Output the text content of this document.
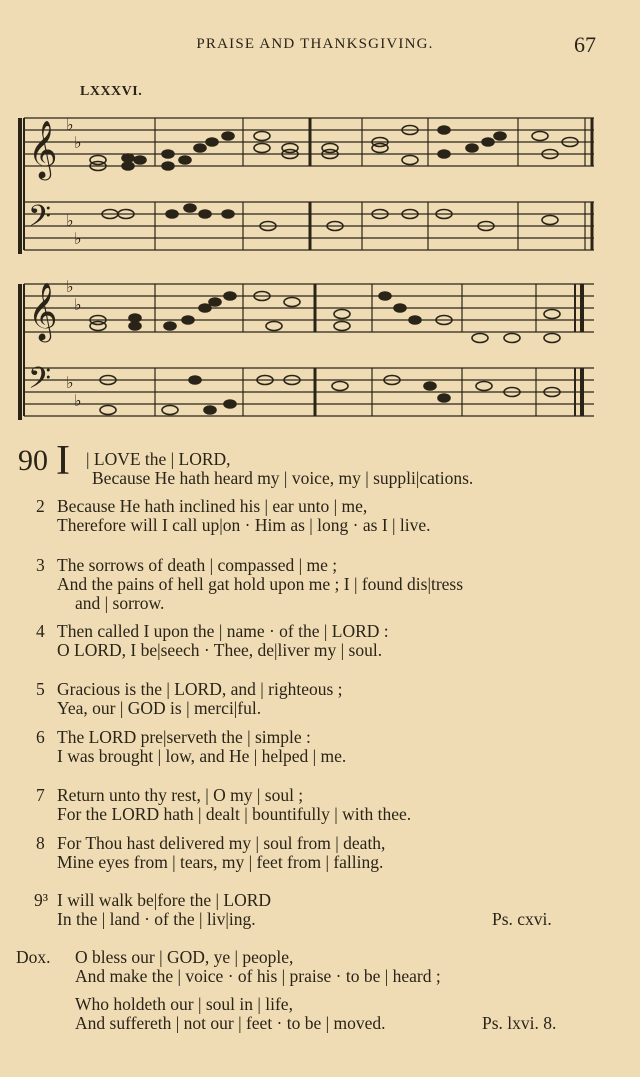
PRAISE AND THANKSGIVING.	67
LXXXVI.
𝄞
𝄢
𝄢
𝄞
♭
♭
♭
♭
♭
♭
♭
♭
90 I | LOVE the | LORD,
Because He hath heard my | voice, my | suppli|cations.
2 Because He hath inclined his | ear unto | me,
Therefore will I call up|on · Him as | long · as I | live.
3 The sorrows of death | compassed | me ;
And the pains of hell gat hold upon me ; I | found dis|tress
and | sorrow.
4 Then called I upon the | name · of the | LORD :
O LORD, I be|seech · Thee, de|liver my | soul.
5 Gracious is the | LORD, and | righteous ;
Yea, our | GOD is | merci|ful.
6 The LORD pre|serveth the | simple :
I was brought | low, and He | helped | me.
7 Return unto thy rest, | O my | soul ;
For the LORD hath | dealt | bountifully | with thee.
8 For Thou hast delivered my | soul from | death,
Mine eyes from | tears, my | feet from | falling.
9³ I will walk be|fore the | LORD
In the | land · of the | liv|ing.	Ps. cxvi.
Dox. O bless our | GOD, ye | people,
And make the | voice · of his | praise · to be | heard ;
Who holdeth our | soul in | life,
And suffereth | not our | feet · to be | moved.	Ps. lxvi. 8.
